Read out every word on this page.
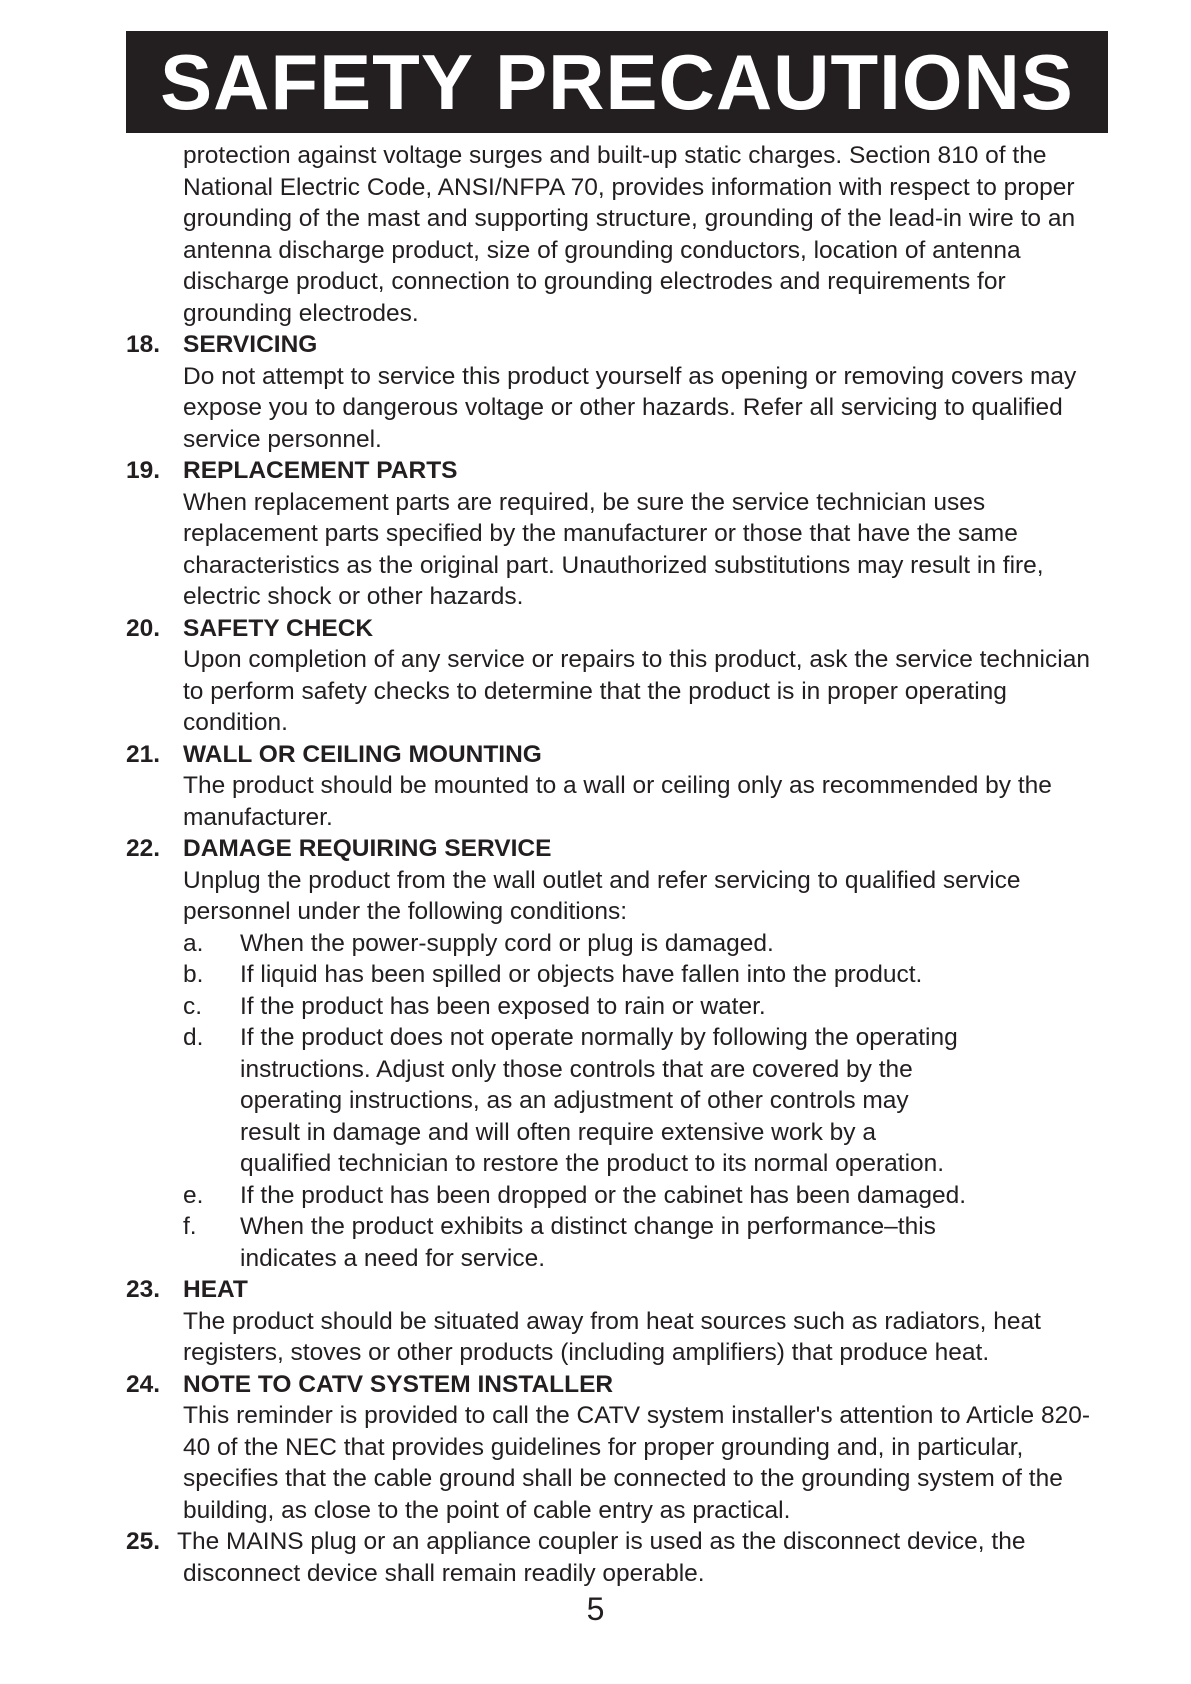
SAFETY PRECAUTIONS

protection against voltage surges and built-up static charges. Section 810 of the National Electric Code, ANSI/NFPA 70, provides information with respect to proper grounding of the mast and supporting structure, grounding of the lead-in wire to an antenna discharge product, size of grounding conductors, location of antenna discharge product, connection to grounding electrodes and requirements for grounding electrodes.

18. SERVICING
Do not attempt to service this product yourself as opening or removing covers may expose you to dangerous voltage or other hazards. Refer all servicing to qualified service personnel.
19. REPLACEMENT PARTS
When replacement parts are required, be sure the service technician uses replacement parts specified by the manufacturer or those that have the same characteristics as the original part. Unauthorized substitutions may result in fire, electric shock or other hazards.
20. SAFETY CHECK
Upon completion of any service or repairs to this product, ask the service technician to perform safety checks to determine that the product is in proper operating condition.
21. WALL OR CEILING MOUNTING
The product should be mounted to a wall or ceiling only as recommended by the manufacturer.
22. DAMAGE REQUIRING SERVICE
Unplug the product from the wall outlet and refer servicing to qualified service personnel under the following conditions:
a. When the power-supply cord or plug is damaged.
b. If liquid has been spilled or objects have fallen into the product.
c. If the product has been exposed to rain or water.
d. If the product does not operate normally by following the operating instructions. Adjust only those controls that are covered by the operating instructions, as an adjustment of other controls may result in damage and will often require extensive work by a qualified technician to restore the product to its normal operation.
e. If the product has been dropped or the cabinet has been damaged.
f. When the product exhibits a distinct change in performance–this indicates a need for service.
23. HEAT
The product should be situated away from heat sources such as radiators, heat registers, stoves or other products (including amplifiers) that produce heat.
24. NOTE TO CATV SYSTEM INSTALLER
This reminder is provided to call the CATV system installer's attention to Article 820-40 of the NEC that provides guidelines for proper grounding and, in particular, specifies that the cable ground shall be connected to the grounding system of the building, as close to the point of cable entry as practical.
25. The MAINS plug or an appliance coupler is used as the disconnect device, the
disconnect device shall remain readily operable.
5
